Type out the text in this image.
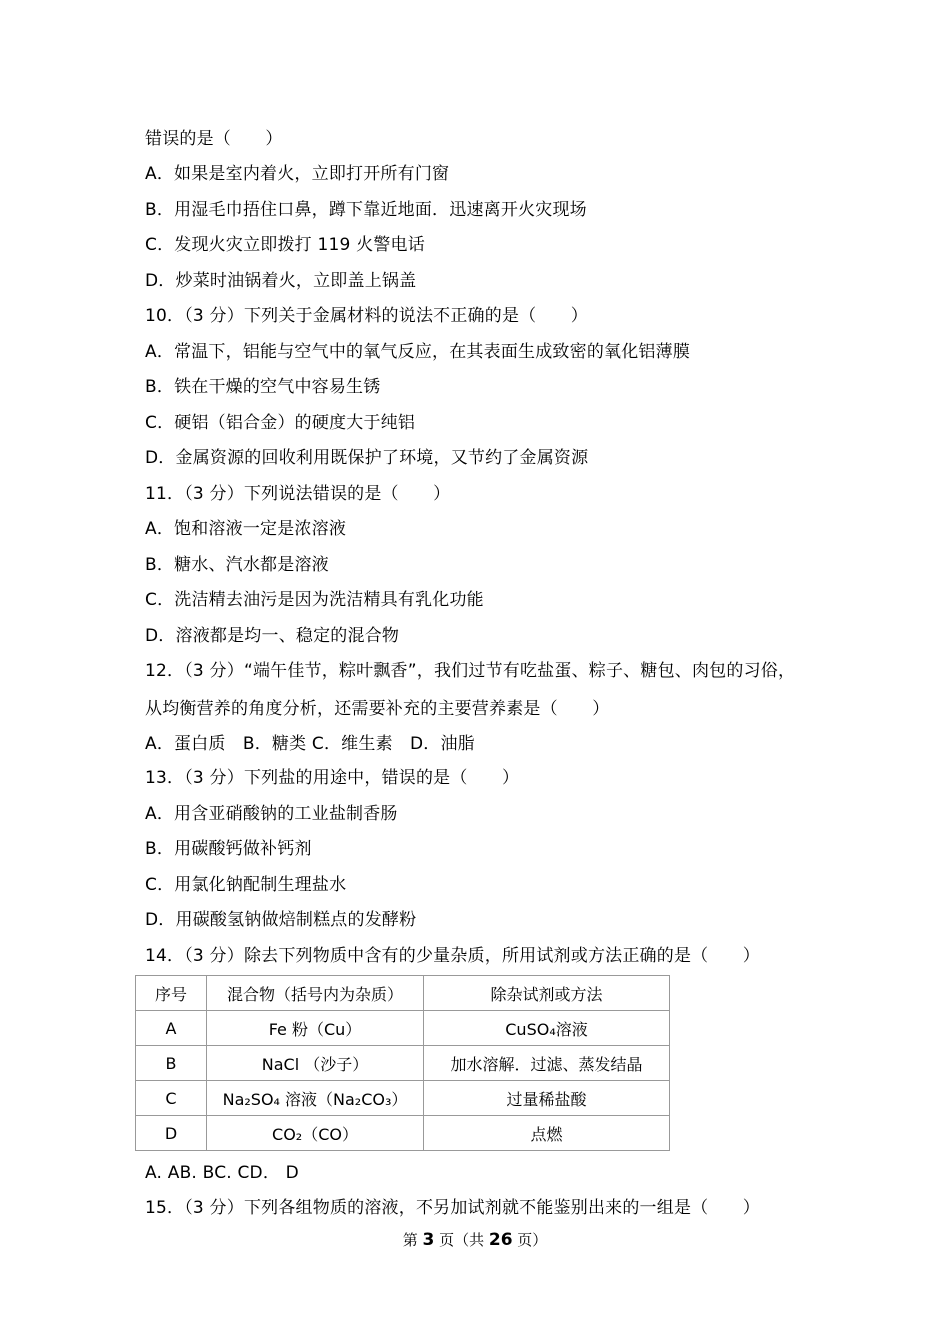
错误的是（　　）
A．如果是室内着火，立即打开所有门窗
B．用湿毛巾捂住口鼻，蹲下靠近地面．迅速离开火灾现场
C．发现火灾立即拨打 119 火警电话
D．炒菜时油锅着火，立即盖上锅盖
10．（3 分）下列关于金属材料的说法不正确的是（　　）
A．常温下，铝能与空气中的氧气反应，在其表面生成致密的氧化铝薄膜
B．铁在干燥的空气中容易生锈
C．硬铝（铝合金）的硬度大于纯铝
D．金属资源的回收利用既保护了环境，又节约了金属资源
11．（3 分）下列说法错误的是（　　）
A．饱和溶液一定是浓溶液
B．糖水、汽水都是溶液
C．洗洁精去油污是因为洗洁精具有乳化功能
D．溶液都是均一、稳定的混合物
12．（3 分）“端午佳节，粽叶飘香”，我们过节有吃盐蛋、粽子、糖包、肉包的习俗，
从均衡营养的角度分析，还需要补充的主要营养素是（　　）
A．蛋白质　B．糖类 C．维生素　D．油脂
13．（3 分）下列盐的用途中，错误的是（　　）
A．用含亚硝酸钠的工业盐制香肠
B．用碳酸钙做补钙剂
C．用氯化钠配制生理盐水
D．用碳酸氢钠做焙制糕点的发酵粉
14．（3 分）除去下列物质中含有的少量杂质，所用试剂或方法正确的是（　　）
序号	混合物（括号内为杂质）	除杂试剂或方法
A	Fe 粉（Cu）	CuSO₄溶液
B	NaCl （沙子）	加水溶解．过滤、蒸发结晶
C	Na₂SO₄ 溶液（Na₂CO₃）	过量稀盐酸
D	CO₂（CO）	点燃
A. AB. BC. CD． D
15．（3 分）下列各组物质的溶液，不另加试剂就不能鉴别出来的一组是（　　）
第 3 页（共 26 页）
